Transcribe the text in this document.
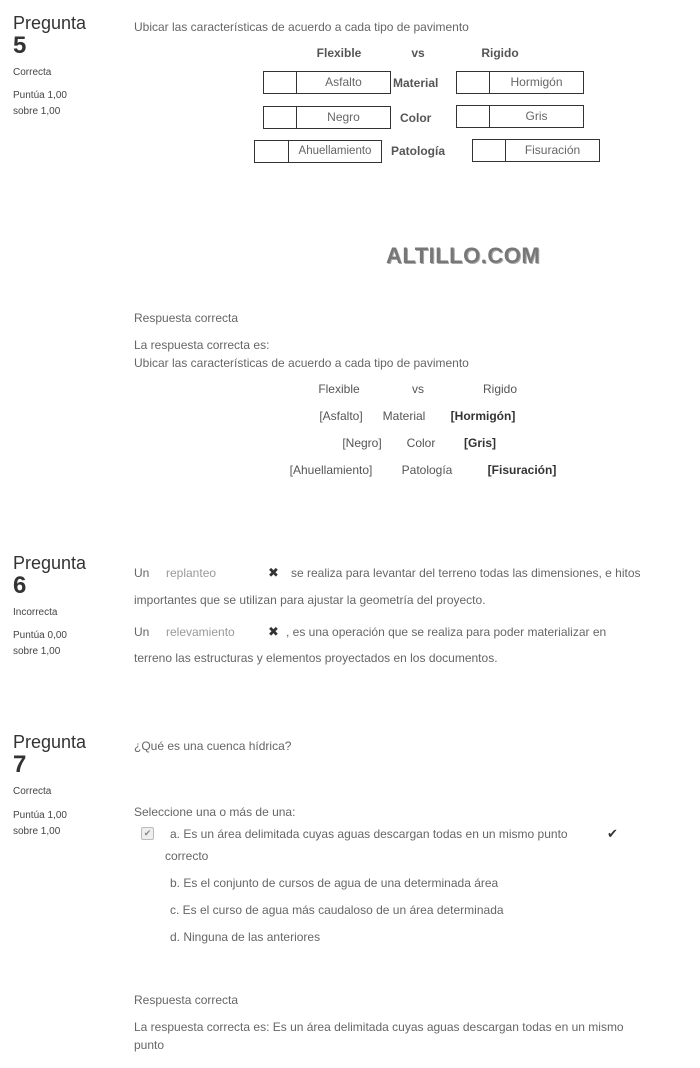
Pregunta
5
Correcta
Puntúa 1,00
sobre 1,00
Ubicar las características de acuerdo a cada tipo de pavimento
Flexible	vs	Rigido
Asfalto	Material	Hormigón
Negro	Color	Gris
Ahuellamiento	Patología	Fisuración
ALTILLO.COM
Respuesta correcta
La respuesta correcta es:
Ubicar las características de acuerdo a cada tipo de pavimento
Flexible	vs	Rigido
[Asfalto]	Material	[Hormigón]
[Negro]	Color	[Gris]
[Ahuellamiento]	Patología	[Fisuración]
Pregunta
6
Incorrecta
Puntúa 0,00
sobre 1,00
Un replanteo	✖ se realiza para levantar del terreno todas las dimensiones, e hitos
importantes que se utilizan para ajustar la geometría del proyecto.
Un relevamiento	✖ , es una operación que se realiza para poder materializar en
terreno las estructuras y elementos proyectados en los documentos.
Pregunta
7
Correcta
Puntúa 1,00
sobre 1,00
¿Qué es una cuenca hídrica?
Seleccione una o más de una:
✔ a. Es un área delimitada cuyas aguas descargan todas en un mismo punto	✔
correcto
b. Es el conjunto de cursos de agua de una determinada área
c. Es el curso de agua más caudaloso de un área determinada
d. Ninguna de las anteriores
Respuesta correcta
La respuesta correcta es: Es un área delimitada cuyas aguas descargan todas en un mismo
punto
